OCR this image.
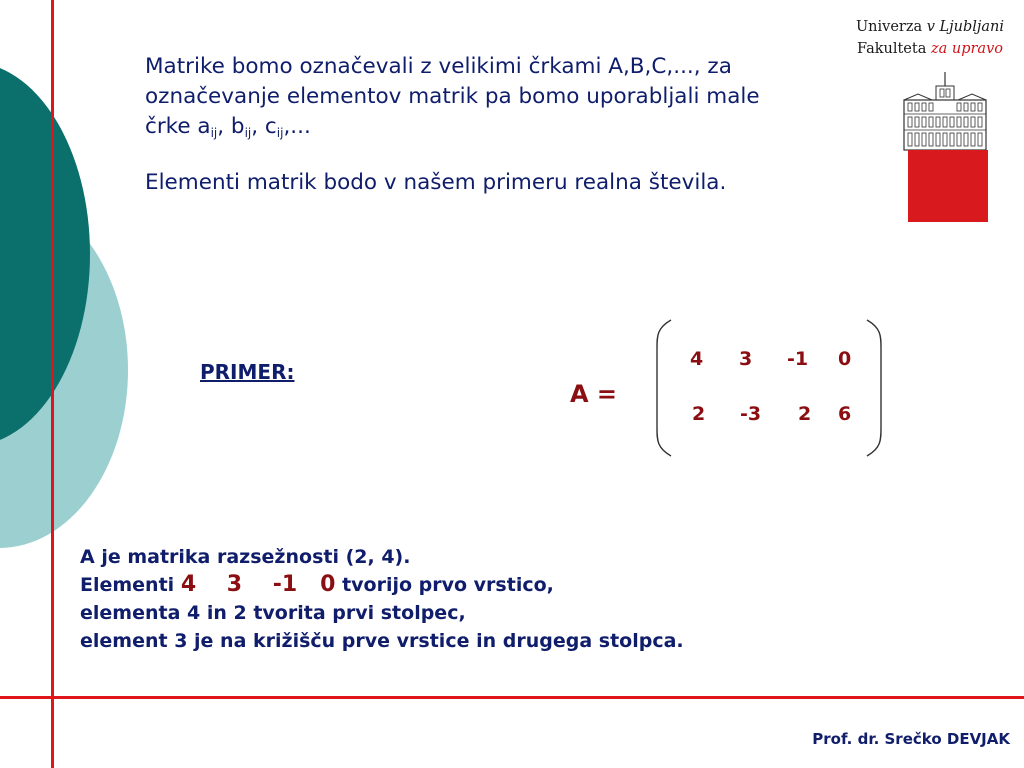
Univerza v Ljubljani
Fakulteta za upravo

Matrike bomo označevali z velikimi črkami A,B,C,..., za označevanje elementov matrik pa bomo uporabljali male črke $a_{ij}$, $b_{ij}$, $c_{ij}$,...

Elementi matrik bodo v našem primeru realna števila.

PRIMER:
A =
4 3 -1 0
2 -3 2 6
A je matrika razsežnosti (2, 4).
Elementi 4    3    -1   0 tvorijo prvo vrstico,
elementa 4 in 2 tvorita prvi stolpec,
element 3 je na križišču prve vrstice in drugega stolpca.
Prof. dr. Srečko DEVJAK
